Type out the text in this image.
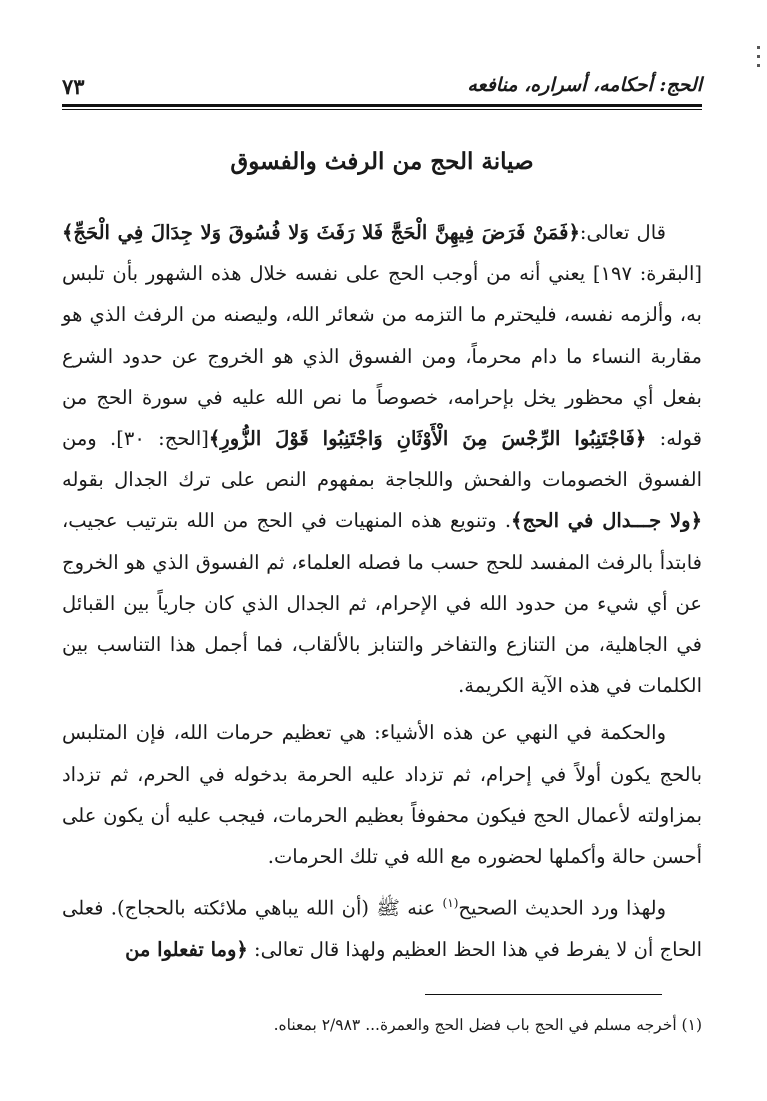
الحج: أحكامه، أسراره، منافعه
٧٣
صيانة الحج من الرفث والفسوق

قال تعالى:﴿فَمَنْ فَرَضَ فِيهِنَّ الْحَجَّ فَلا رَفَثَ وَلا فُسُوقَ وَلا جِدَالَ فِي الْحَجِّ﴾ [البقرة: ١٩٧] يعني أنه من أوجب الحج على نفسه خلال هذه الشهور بأن تلبس به، وألزمه نفسه، فليحترم ما التزمه من شعائر الله، وليصنه من الرفث الذي هو مقاربة النساء ما دام محرماً، ومن الفسوق الذي هو الخروج عن حدود الشرع بفعل أي محظور يخل بإحرامه، خصوصاً ما نص الله عليه في سورة الحج من قوله: ﴿فَاجْتَنِبُوا الرِّجْسَ مِنَ الْأَوْثَانِ وَاجْتَنِبُوا قَوْلَ الزُّورِ﴾[الحج: ٣٠]. ومن الفسوق الخصومات والفحش واللجاجة بمفهوم النص على ترك الجدال بقوله ﴿ولا جـــدال في الحج﴾. وتنويع هذه المنهيات في الحج من الله بترتيب عجيب، فابتدأ بالرفث المفسد للحج حسب ما فصله العلماء، ثم الفسوق الذي هو الخروج عن أي شيء من حدود الله في الإحرام، ثم الجدال الذي كان جارياً بين القبائل في الجاهلية، من التنازع والتفاخر والتنابز بالألقاب، فما أجمل هذا التناسب بين الكلمات في هذه الآية الكريمة.

والحكمة في النهي عن هذه الأشياء: هي تعظيم حرمات الله، فإن المتلبس بالحج يكون أولاً في إحرام، ثم تزداد عليه الحرمة بدخوله في الحرم، ثم تزداد بمزاولته لأعمال الحج فيكون محفوفاً بعظيم الحرمات، فيجب عليه أن يكون على أحسن حالة وأكملها لحضوره مع الله في تلك الحرمات.

ولهذا ورد الحديث الصحيح$^{(١)}$ عنه ﷺ (أن الله يباهي ملائكته بالحجاج). فعلى الحاج أن لا يفرط في هذا الحظ العظيم ولهذا قال تعالى: ﴿وما تفعلوا من

(١) أخرجه مسلم في الحج باب فضل الحج والعمرة... ٢/٩٨٣ بمعناه.
